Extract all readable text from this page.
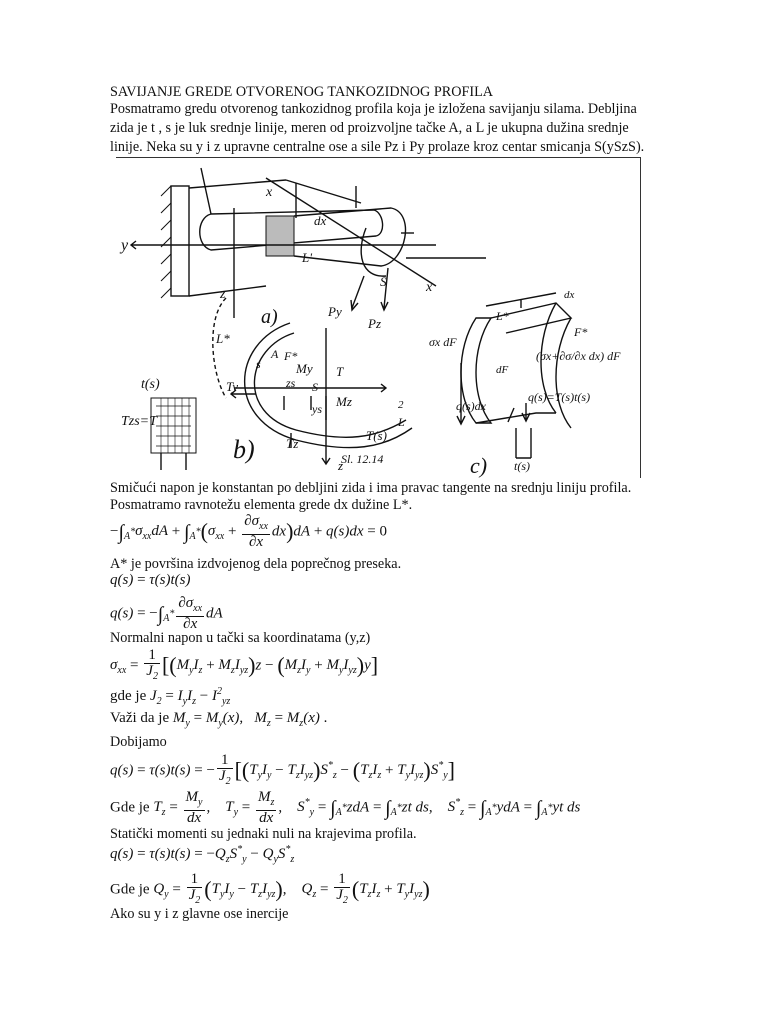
SAVIJANJE GREDE OTVORENOG TANKOZIDNOG PROFILA
Posmatramo gredu otvorenog tankozidnog profila koja je izložena savijanju silama. Debljina
zida je t , s je luk srednje linije, meren od proizvoljne tačke A, a L je ukupna dužina srednje
linije. Neka su y i z upravne centralne ose a sile Pz i Py prolaze kroz centar smicanja S(ySzS).
a)
x
y
z
dx
L'
x
S
Py
Pz
b)
L*
A
s
F*
My T
Ty	zs S
ys Mz
Tz
T(s)
L
2
z
t(s)
Tzs=T
Sl. 12.14	c)
σx dF
(σx+∂σ/∂x dx) dF
q(s)dx
q(s)=T(s)t(s)
dF
F*
L*
dx
t(s)
Smičući napon je konstantan po debljini zida i ima pravac tangente na srednju liniju profila.
Posmatramo ravnotežu elementa grede dx dužine L*.
$-\int_{A^*}\sigma_{xx}dA + \int_{A^*}(\sigma_{xx} + \frac{\partial\sigma_{xx}}{\partial x} dx)dA + q(s)dx = 0$
A* je površina izdvojenog dela poprečnog preseka.
q(s) = τ(s)t(s)
$q(s) = -\int_{A^*} \frac{\partial\sigma_{xx}}{\partial x}$ dA
Normalni napon u tački sa koordinatama (y,z)
$\sigma_{xx} = \frac{1}{J_2} [(M_yI_z + M_zI_{yz})z - (M_zI_y + M_yI_{yz})y]$
gde je $J_2 = I_yI_z - I^2_{yz}$
Važi da je $M_y = M_y(x)$,   $M_z = M_z(x)$ .
Dobijamo
q(s) = τ(s)t(s) = − $\frac{1}{J_2} [(T_yI_y - T_zI_{yz})S^*_z - (T_zI_z + T_yI_{yz})S^*_y]$
Gde je $T_z = \frac{M_y}{dx}$ ,    $T_y = \frac{M_z}{dx}$ ,    $S^*_y = \int_{A^*}zdA = \int_{A^*}zt$ ds,    $S^*_z = \int_{A^*}ydA = \int_{A^*}yt$ ds
Statički momenti su jednaki nuli na krajevima profila.
$q(s) = \tau(s)t(s) = -Q_zS^*_y - Q_yS^*_z$
Gde je $Q_y = \frac{1}{J_2} (T_yI_y - T_zI_{yz})$,    $Q_z = \frac{1}{J_2} (T_zI_z + T_yI_{yz})$
Ako su y i z glavne ose inercije
